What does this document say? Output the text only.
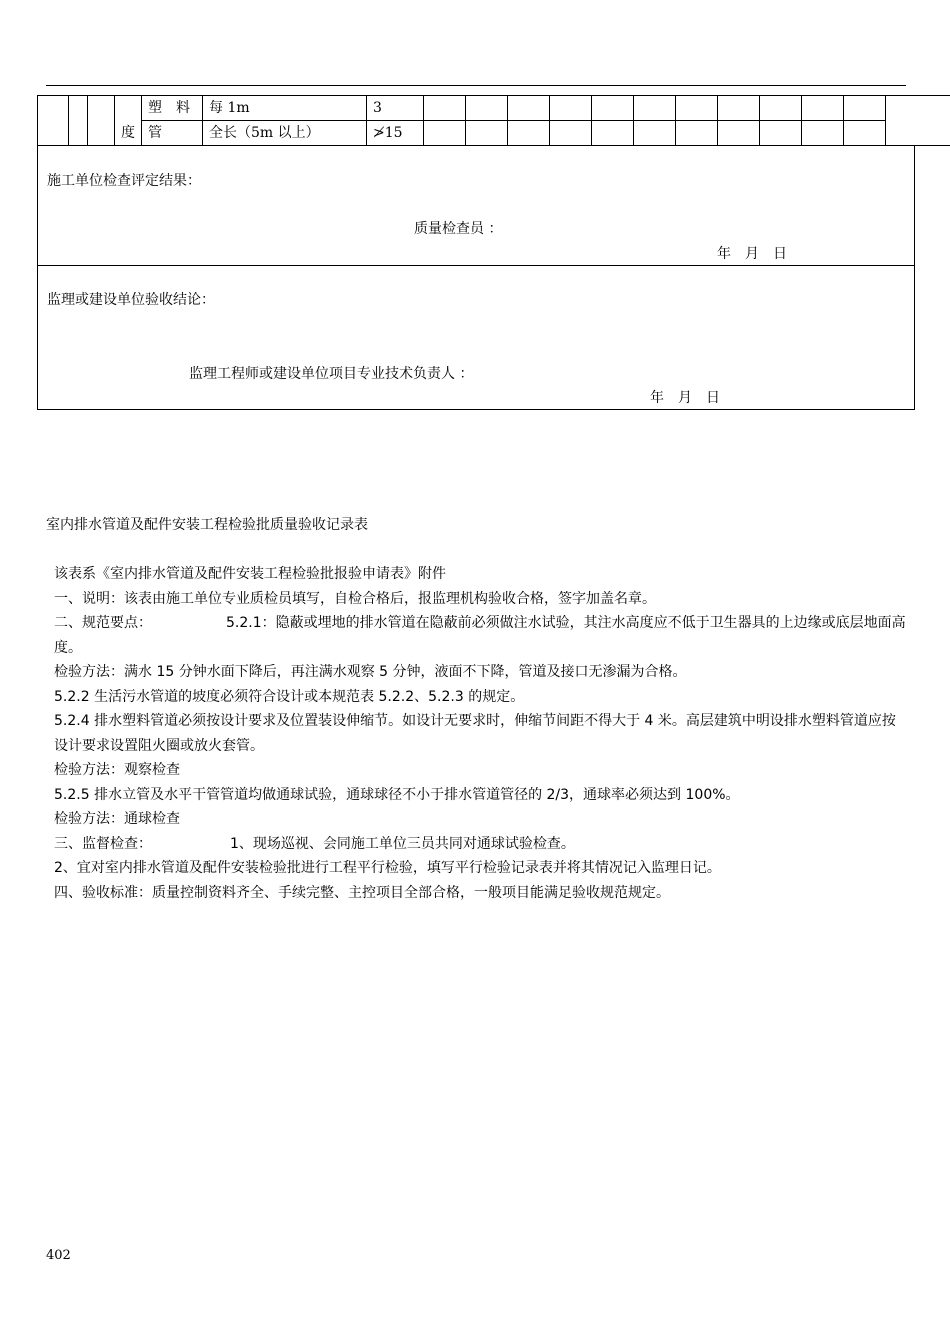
			度	塑　料	每 1m	3												
				管	全长（5m 以上）	≯15												
施工单位检查评定结果：
质量检查员 ：
年　月　日
监理或建设单位验收结论：
监理工程师或建设单位项目专业技术负责人 ：
年　月　日
室内排水管道及配件安装工程检验批质量验收记录表

该表系《室内排水管道及配件安装工程检验批报验申请表》附件

一、说明：该表由施工单位专业质检员填写，自检合格后，报监理机构验收合格，签字加盖名章。

二、规范要点：	5.2.1：隐蔽或埋地的排水管道在隐蔽前必须做注水试验，其注水高度应不低于卫生器具的上边缘或底层地面高度。

检验方法：满水 15 分钟水面下降后，再注满水观察 5 分钟，液面不下降，管道及接口无渗漏为合格。

5.2.2 生活污水管道的坡度必须符合设计或本规范表 5.2.2、5.2.3 的规定。

5.2.4 排水塑料管道必须按设计要求及位置装设伸缩节。如设计无要求时，伸缩节间距不得大于 4 米。高层建筑中明设排水塑料管道应按设计要求设置阻火圈或放火套管。

检验方法：观察检查

5.2.5 排水立管及水平干管管道均做通球试验，通球球径不小于排水管道管径的 2/3，通球率必须达到 100%。

检验方法：通球检查

三、监督检查：	1、现场巡视、会同施工单位三员共同对通球试验检查。

2、宜对室内排水管道及配件安装检验批进行工程平行检验，填写平行检验记录表并将其情况记入监理日记。

四、验收标准：质量控制资料齐全、手续完整、主控项目全部合格，一般项目能满足验收规范规定。

402
